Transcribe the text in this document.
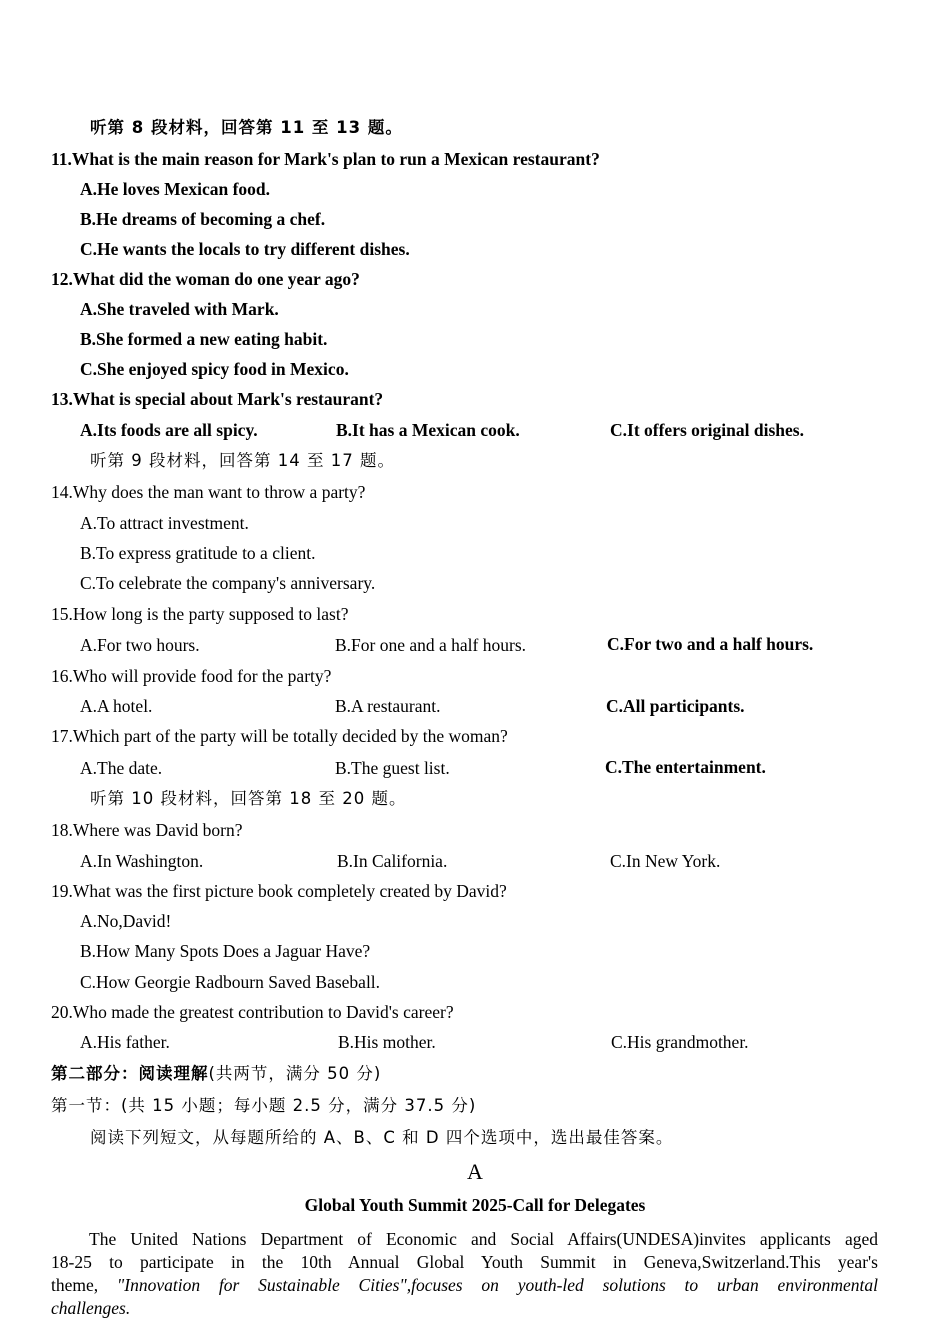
听第 8 段材料，回答第 11 至 13 题。
11.What is the main reason for Mark's plan to run a Mexican restaurant?
A.He loves Mexican food.
B.He dreams of becoming a chef.
C.He wants the locals to try different dishes.
12.What did the woman do one year ago?
A.She traveled with Mark.
B.She formed a new eating habit.
C.She enjoyed spicy food in Mexico.
13.What is special about Mark's restaurant?
A.Its foods are all spicy.	B.It has a Mexican cook.	C.It offers original dishes.
听第 9 段材料，回答第 14 至 17 题。
14.Why does the man want to throw a party?
A.To attract investment.
B.To express gratitude to a client.
C.To celebrate the company's anniversary.
15.How long is the party supposed to last?
A.For two hours.	B.For one and a half hours.	C.For two and a half hours.
16.Who will provide food for the party?
A.A hotel.	B.A restaurant.	C.All participants.
17.Which part of the party will be totally decided by the woman?
A.The date.	B.The guest list.	C.The entertainment.
听第 10 段材料，回答第 18 至 20 题。
18.Where was David born?
A.In Washington.	B.In California.	C.In New York.
19.What was the first picture book completely created by David?
A.No,David!
B.How Many Spots Does a Jaguar Have?
C.How Georgie Radbourn Saved Baseball.
20.Who made the greatest contribution to David's career?
A.His father.	B.His mother.	C.His grandmother.
第二部分：阅读理解(共两节，满分 50 分)
第一节：(共 15 小题；每小题 2.5 分，满分 37.5 分)
阅读下列短文，从每题所给的 A、B、C 和 D 四个选项中，选出最佳答案。
A
Global Youth Summit 2025-Call for Delegates
The United Nations Department of Economic and Social Affairs(UNDESA)invites applicants aged
18-25 to participate in the 10th Annual Global Youth Summit in Geneva,Switzerland.This year's
theme, "Innovation for Sustainable Cities",focuses on youth-led solutions to urban environmental
challenges.
